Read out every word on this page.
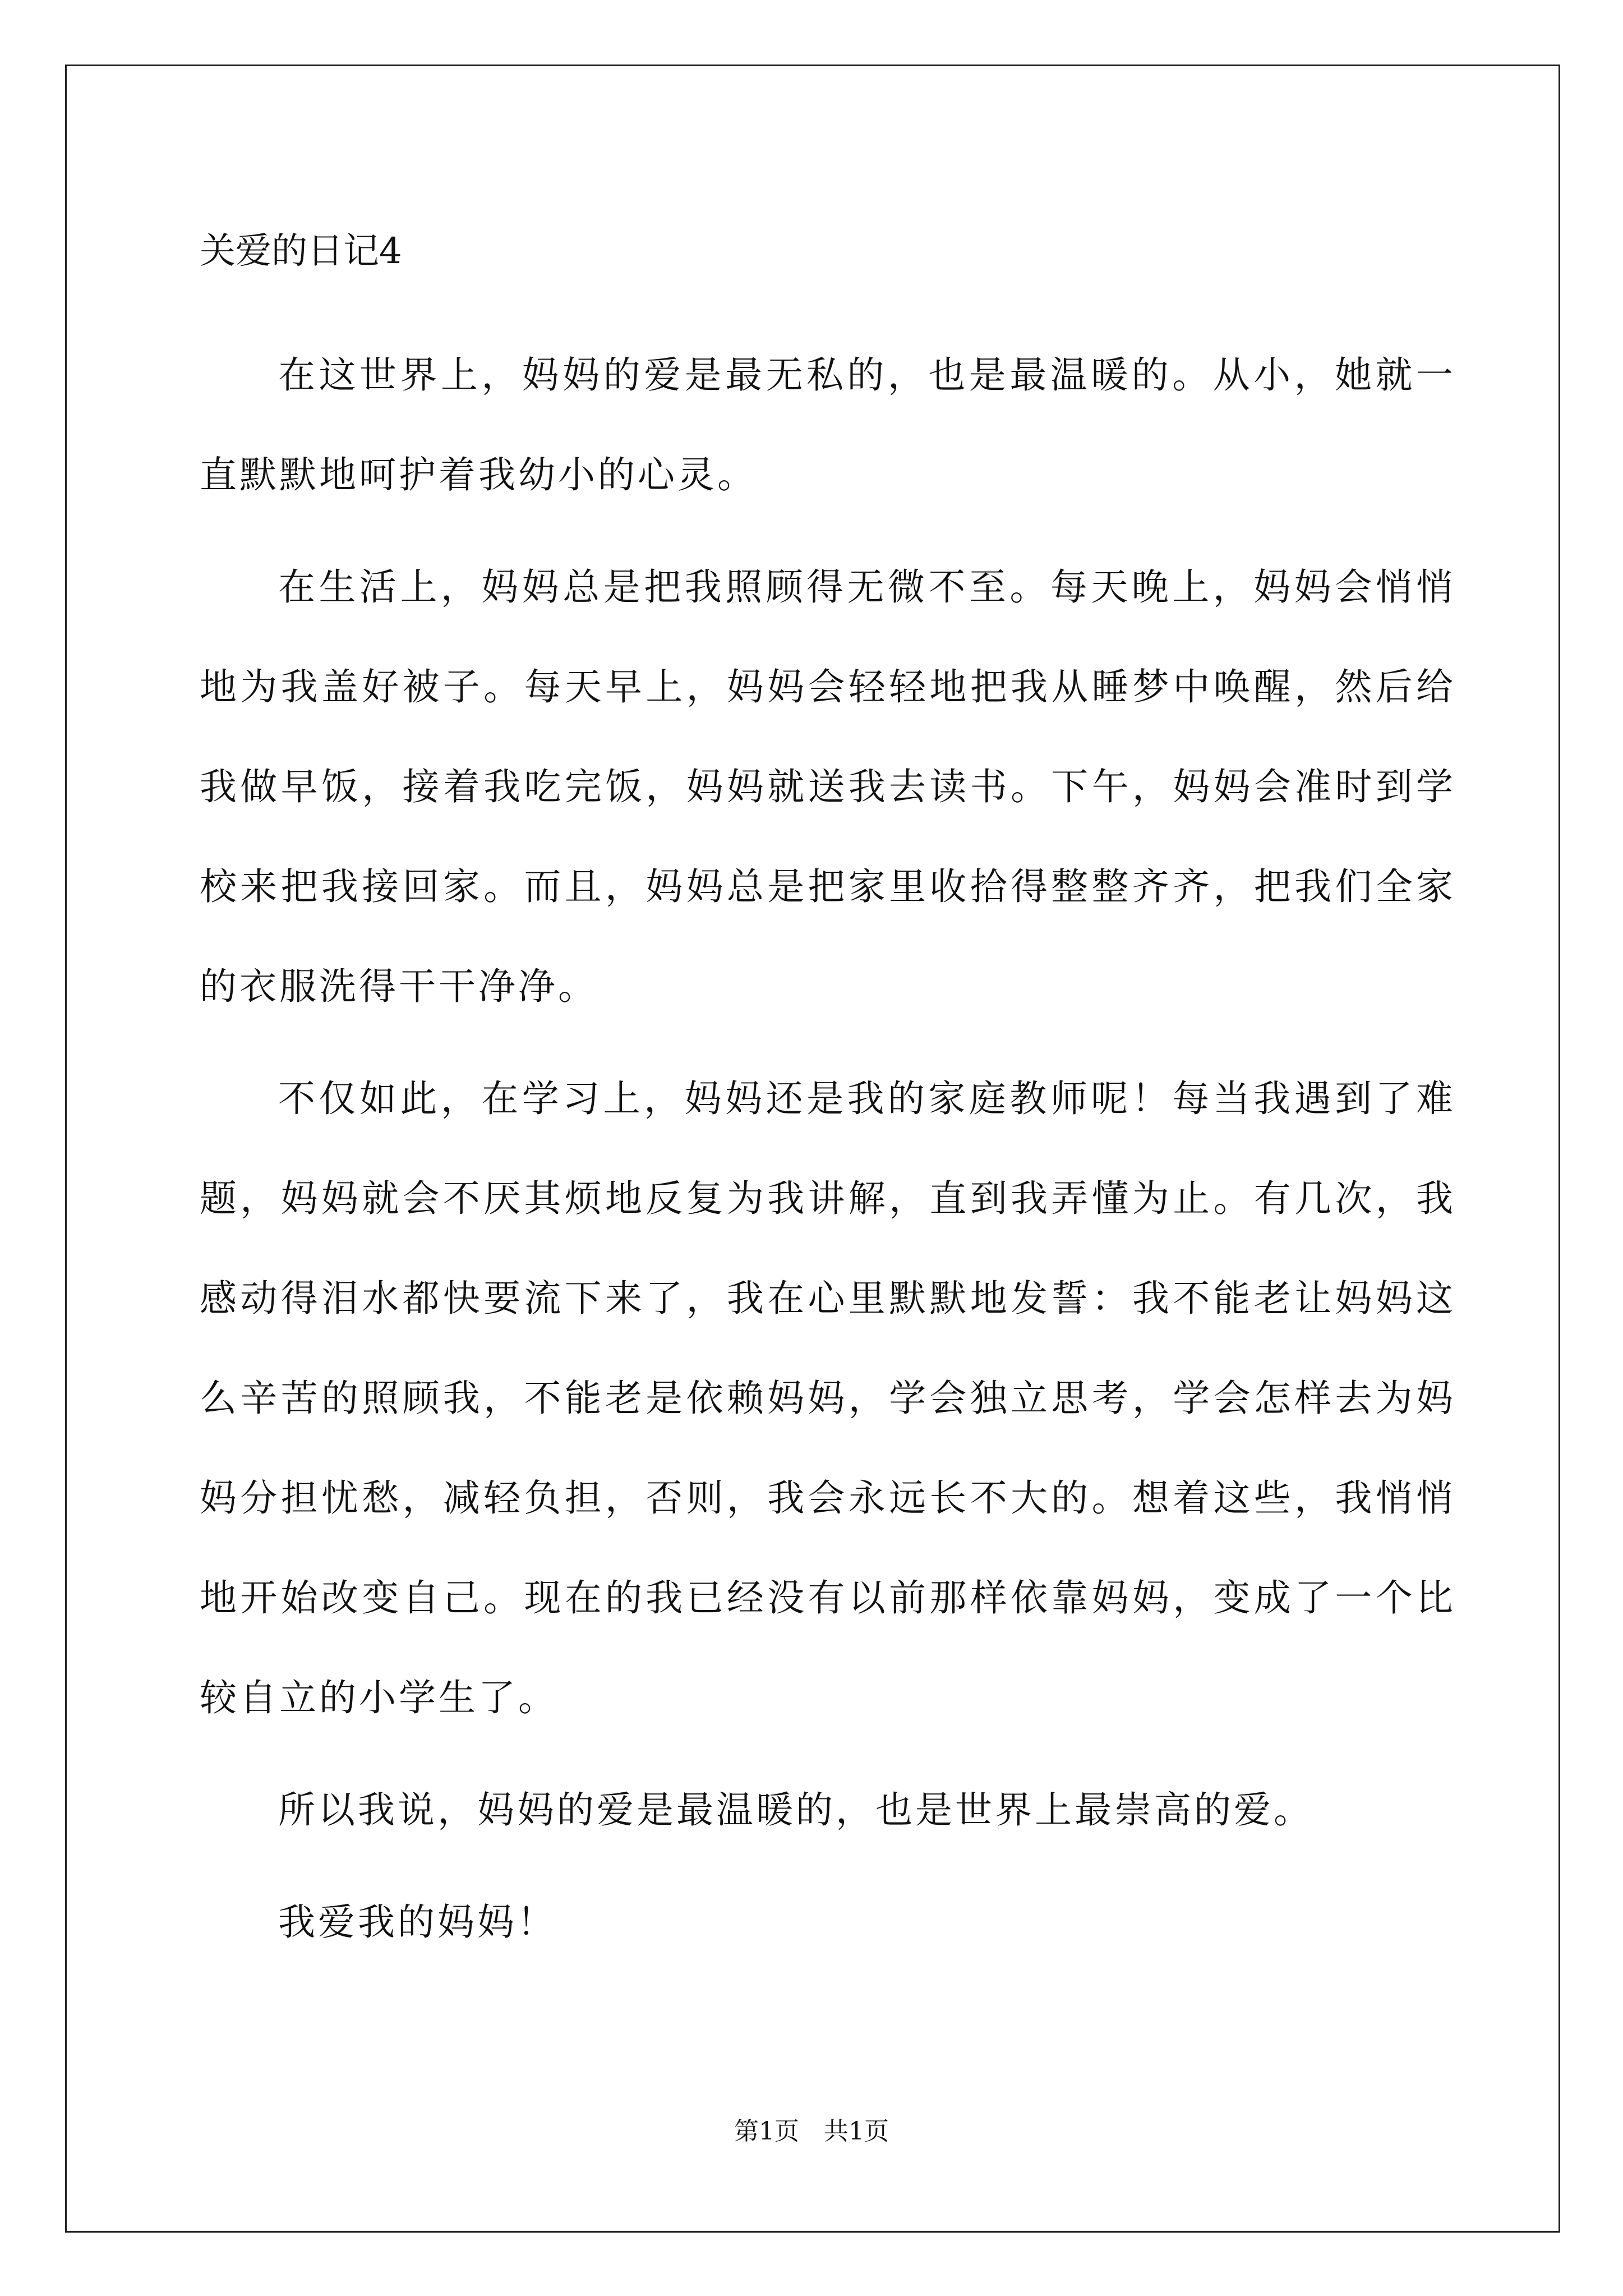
关爱的日记4

在这世界上，妈妈的爱是最无私的，也是最温暖的。从小，她就一直默默地呵护着我幼小的心灵。

在生活上，妈妈总是把我照顾得无微不至。每天晚上，妈妈会悄悄地为我盖好被子。每天早上，妈妈会轻轻地把我从睡梦中唤醒，然后给我做早饭，接着我吃完饭，妈妈就送我去读书。下午，妈妈会准时到学校来把我接回家。而且，妈妈总是把家里收拾得整整齐齐，把我们全家的衣服洗得干干净净。

不仅如此，在学习上，妈妈还是我的家庭教师呢！每当我遇到了难题，妈妈就会不厌其烦地反复为我讲解，直到我弄懂为止。有几次，我感动得泪水都快要流下来了，我在心里默默地发誓：我不能老让妈妈这么辛苦的照顾我，不能老是依赖妈妈，学会独立思考，学会怎样去为妈妈分担忧愁，减轻负担，否则，我会永远长不大的。想着这些，我悄悄地开始改变自己。现在的我已经没有以前那样依靠妈妈，变成了一个比较自立的小学生了。

所以我说，妈妈的爱是最温暖的，也是世界上最崇高的爱。

我爱我的妈妈！

第1页　共1页
